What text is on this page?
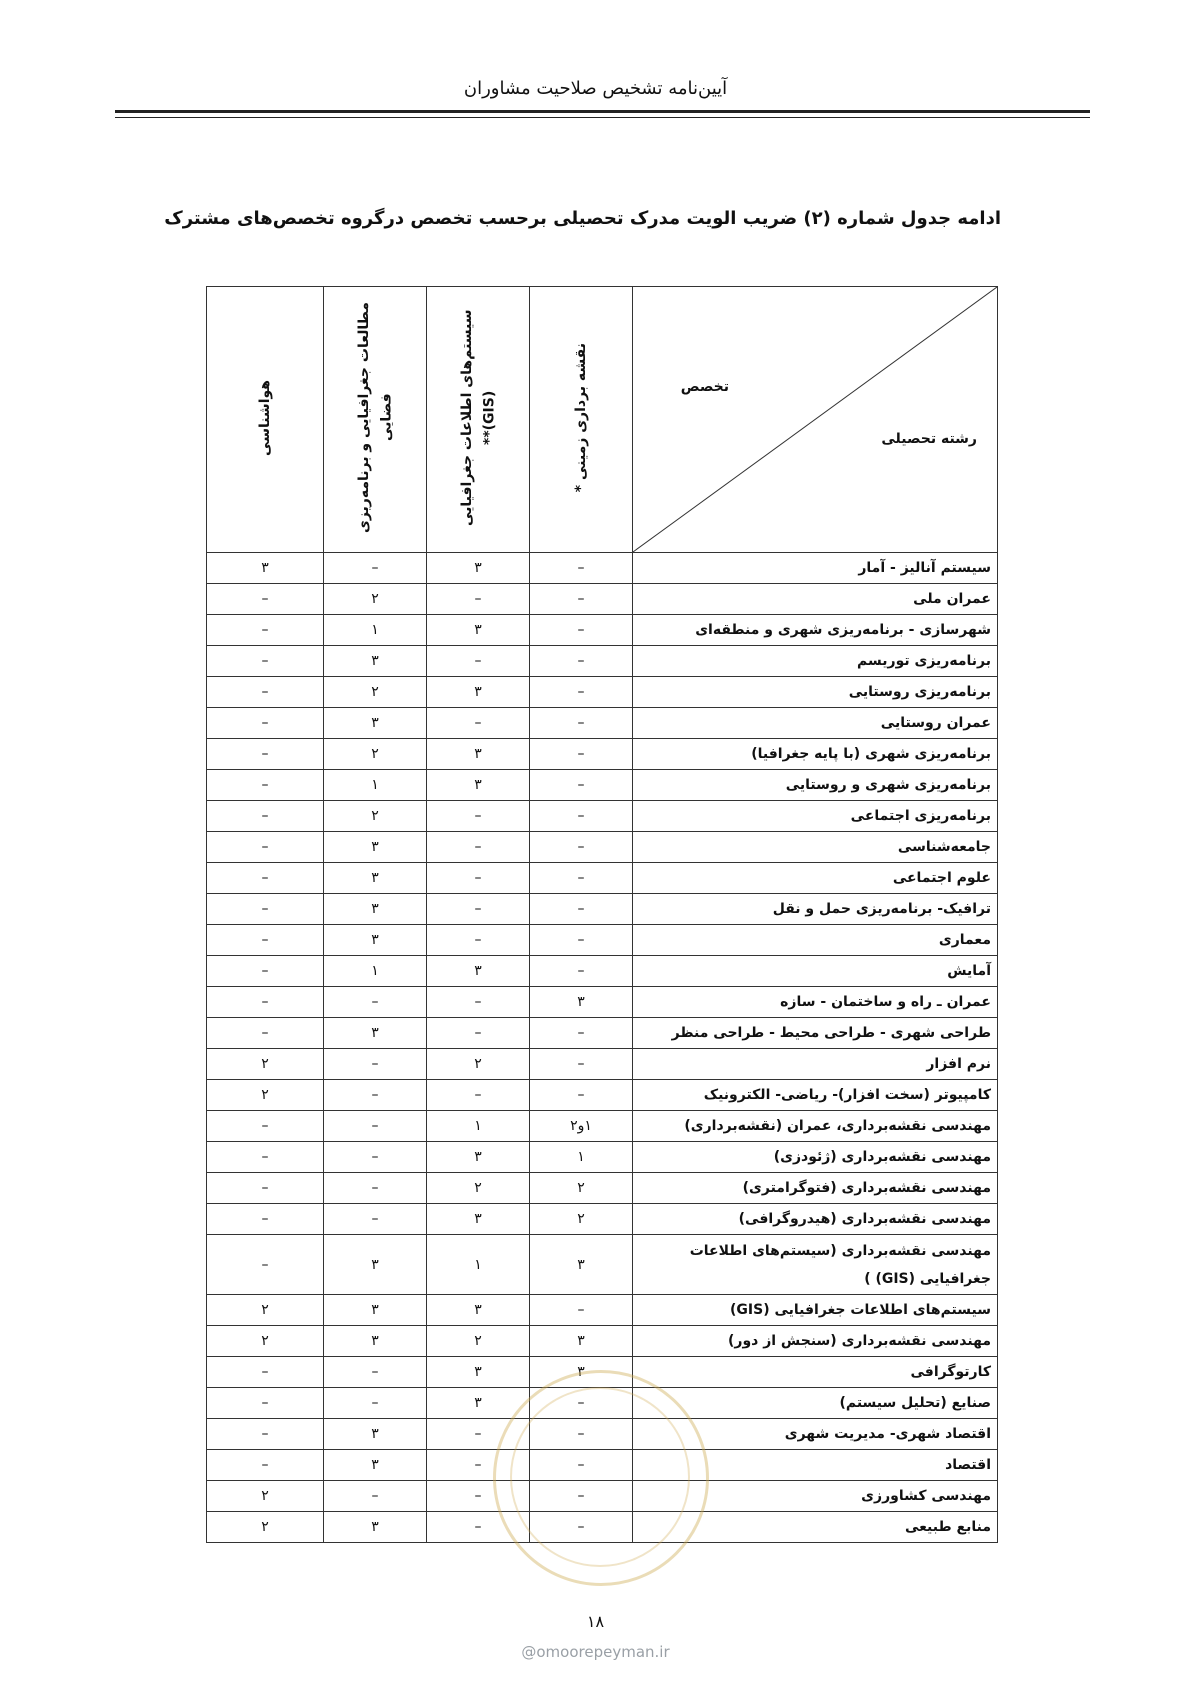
آیین‌نامه تشخیص صلاحیت مشاوران
ادامه جدول شماره (۲) ضریب الویت مدرک تحصیلی برحسب تخصص درگروه تخصص‌های مشترک
تخصص
رشته تحصیلی	نقشه برداری زمینی *	سیستم‌های اطلاعات جغرافیایی (GIS)**	مطالعات جغرافیایی و برنامه‌ریزی فضایی	هواشناسی
سیستم آنالیز - آمار	–	۳	–	۳
عمران ملی	–	–	۲	–
شهرسازی - برنامه‌ریزی شهری و منطقه‌ای	–	۳	۱	–
برنامه‌ریزی توریسم	–	–	۳	–
برنامه‌ریزی روستایی	–	۳	۲	–
عمران روستایی	–	–	۳	–
برنامه‌ریزی شهری (با پایه جغرافیا)	–	۳	۲	–
برنامه‌ریزی شهری و روستایی	–	۳	۱	–
برنامه‌ریزی اجتماعی	–	–	۲	–
جامعه‌شناسی	–	–	۳	–
علوم اجتماعی	–	–	۳	–
ترافیک- برنامه‌ریزی حمل و نقل	–	–	۳	–
معماری	–	–	۳	–
آمایش	–	۳	۱	–
عمران ـ راه و ساختمان - سازه	۳	–	–	–
طراحی شهری - طراحی محیط - طراحی منظر	–	–	۳	–
نرم افزار	–	۲	–	۲
کامپیوتر (سخت افزار)- ریاضی- الکترونیک	–	–	–	۲
مهندسی نقشه‌برداری، عمران (نقشه‌برداری)	۱و۲	۱	–	–
مهندسی نقشه‌برداری (ژئودزی)	۱	۳	–	–
مهندسی نقشه‌برداری (فتوگرامتری)	۲	۲	–	–
مهندسی نقشه‌برداری (هیدروگرافی)	۲	۳	–	–
مهندسی نقشه‌برداری (سیستم‌های اطلاعات جغرافیایی (GIS) )	۳	۱	۳	–
سیستم‌های اطلاعات جغرافیایی (GIS)	–	۳	۳	۲
مهندسی نقشه‌برداری (سنجش از دور)	۳	۲	۳	۲
کارتوگرافی	۳	۳	–	–
صنایع (تحلیل سیستم)	–	۳	–	–
اقتصاد شهری- مدیریت شهری	–	–	۳	–
اقتصاد	–	–	۳	–
مهندسی کشاورزی	–	–	–	۲
منابع طبیعی	–	–	۳	۲
۱۸
@omoorepeyman.ir
